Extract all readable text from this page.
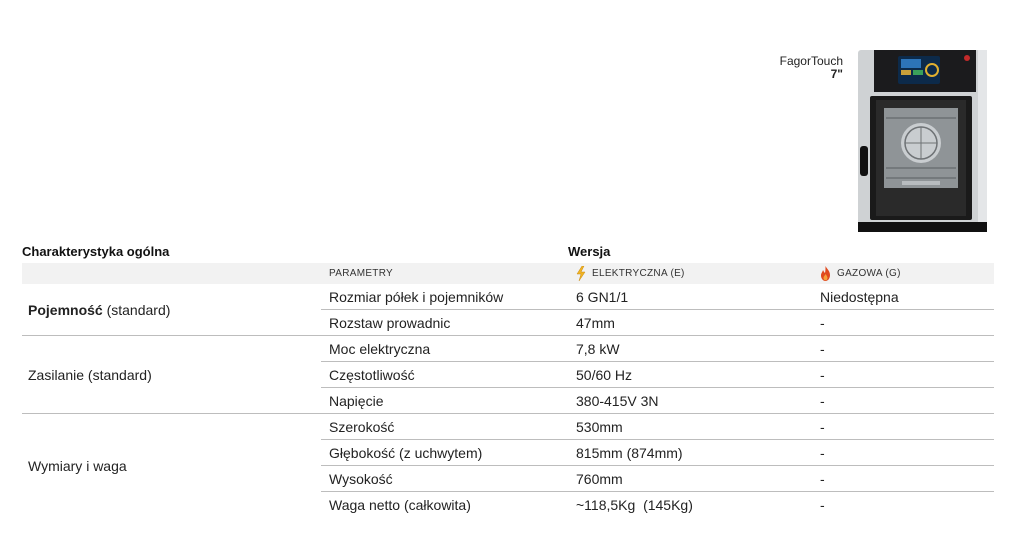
FagorTouch
7"
Charakterystyka ogólna	Wersja
	PARAMETRY	ELEKTRYCZNA (E)	GAZOWA (G)
Pojemność (standard)	Rozmiar półek i pojemników	6 GN1/1	Niedostępna
	Rozstaw prowadnic	47mm	-
Zasilanie (standard)	Moc elektryczna	7,8 kW	-
	Częstotliwość	50/60 Hz	-
	Napięcie	380-415V 3N	-
Wymiary i waga	Szerokość	530mm	-
	Głębokość (z uchwytem)	815mm (874mm)	-
	Wysokość	760mm	-
	Waga netto (całkowita)	~118,5Kg  (145Kg)	-
